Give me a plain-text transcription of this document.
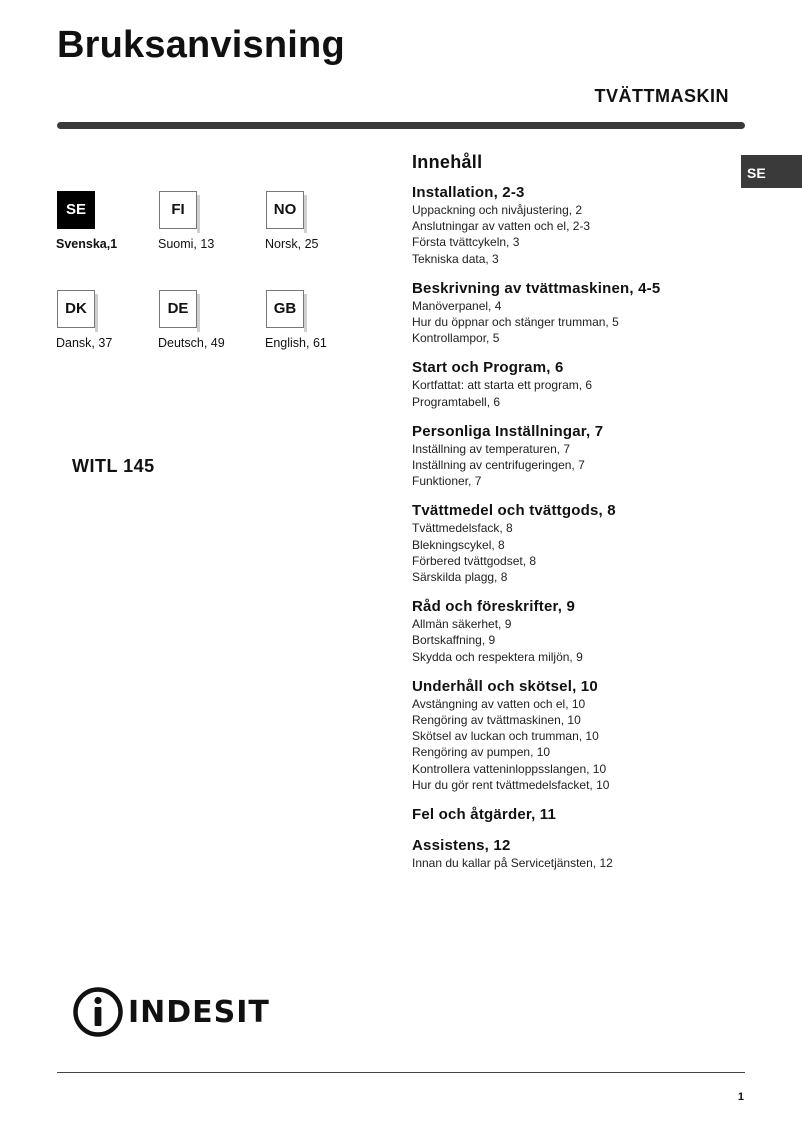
Bruksanvisning
TVÄTTMASKIN
SE
SE
Svenska,1
FI
Suomi, 13
NO
Norsk, 25
DK
Dansk, 37
DE
Deutsch, 49
GB
English, 61
WITL 145
Innehåll
Installation, 2-3
Uppackning och nivåjustering, 2
Anslutningar av vatten och el, 2-3
Första tvättcykeln, 3
Tekniska data, 3
Beskrivning av tvättmaskinen, 4-5
Manöverpanel, 4
Hur du öppnar och stänger trumman, 5
Kontrollampor, 5
Start och Program, 6
Kortfattat: att starta ett program, 6
Programtabell, 6
Personliga Inställningar, 7
Inställning av temperaturen, 7
Inställning av centrifugeringen, 7
Funktioner, 7
Tvättmedel och tvättgods, 8
Tvättmedelsfack, 8
Blekningscykel, 8
Förbered tvättgodset, 8
Särskilda plagg, 8
Råd och föreskrifter, 9
Allmän säkerhet, 9
Bortskaffning, 9
Skydda och respektera miljön, 9
Underhåll och skötsel, 10
Avstängning av vatten och el, 10
Rengöring av tvättmaskinen, 10
Skötsel av luckan och trumman, 10
Rengöring av pumpen, 10
Kontrollera vatteninloppsslangen, 10
Hur du gör rent tvättmedelsfacket, 10
Fel och åtgärder, 11
Assistens, 12
Innan du kallar på Servicetjänsten, 12
INDESIT
1
